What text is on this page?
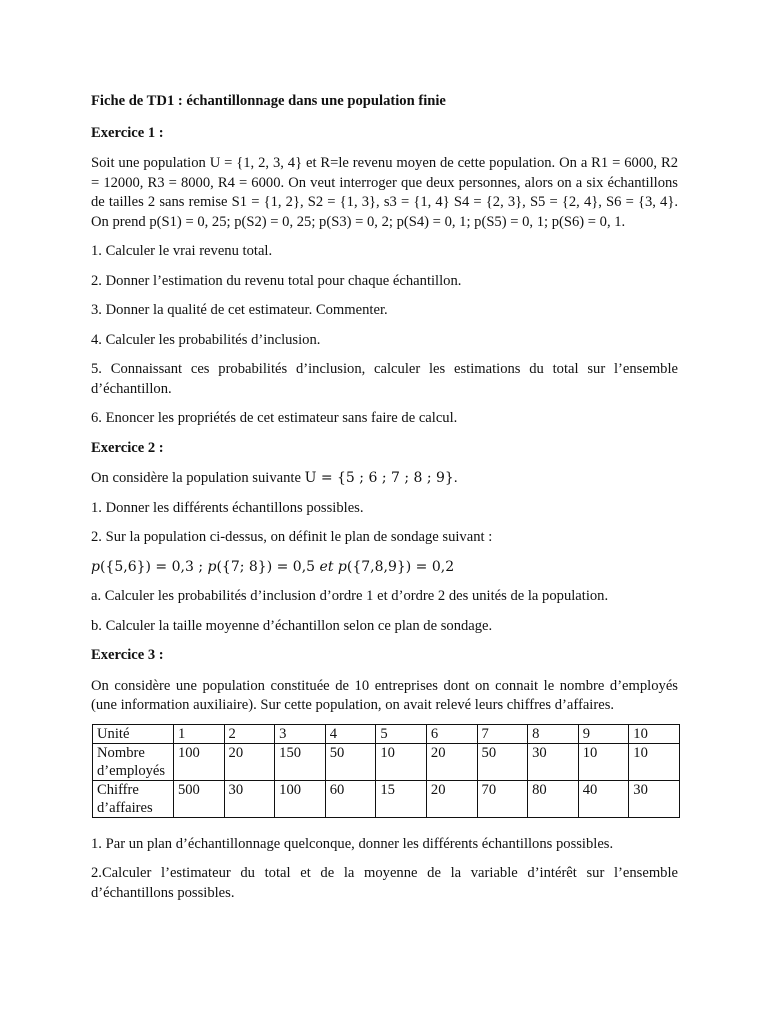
Fiche de TD1 : échantillonnage dans une population finie

Exercice 1 :

Soit une population U = {1, 2, 3, 4} et R=le revenu moyen de cette population. On a R1 = 6000, R2 = 12000, R3 = 8000, R4 = 6000. On veut interroger que deux personnes, alors on a six échantillons de tailles 2 sans remise S1 = {1, 2}, S2 = {1, 3}, s3 = {1, 4} S4 = {2, 3}, S5 = {2, 4}, S6 = {3, 4}. On prend p(S1) = 0, 25; p(S2) = 0, 25; p(S3) = 0, 2; p(S4) = 0, 1; p(S5) = 0, 1; p(S6) = 0, 1.

1. Calculer le vrai revenu total.

2. Donner l’estimation du revenu total pour chaque échantillon.

3. Donner la qualité de cet estimateur. Commenter.

4. Calculer les probabilités d’inclusion.

5. Connaissant ces probabilités d’inclusion, calculer les estimations du total sur l’ensemble d’échantillon.

6. Enoncer les propriétés de cet estimateur sans faire de calcul.

Exercice 2 :

On considère la population suivante U = {5 ; 6 ; 7 ; 8 ; 9}.

1. Donner les différents échantillons possibles.

2. Sur la population ci-dessus, on définit le plan de sondage suivant :

p({5,6}) = 0,3 ; p({7; 8}) = 0,5 et p({7,8,9}) = 0,2

a. Calculer les probabilités d’inclusion d’ordre 1 et d’ordre 2 des unités de la population.

b. Calculer la taille moyenne d’échantillon selon ce plan de sondage.

Exercice 3 :

On considère une population constituée de 10 entreprises dont on connait le nombre d’employés (une information auxiliaire). Sur cette population, on avait relevé leurs chiffres d’affaires.

Unité	1	2	3	4	5	6	7	8	9	10
Nombre d’employés	100	20	150	50	10	20	50	30	10	10
Chiffre d’affaires	500	30	100	60	15	20	70	80	40	30

1. Par un plan d’échantillonnage quelconque, donner les différents échantillons possibles.

2.Calculer l’estimateur du total et de la moyenne de la variable d’intérêt sur l’ensemble d’échantillons possibles.
